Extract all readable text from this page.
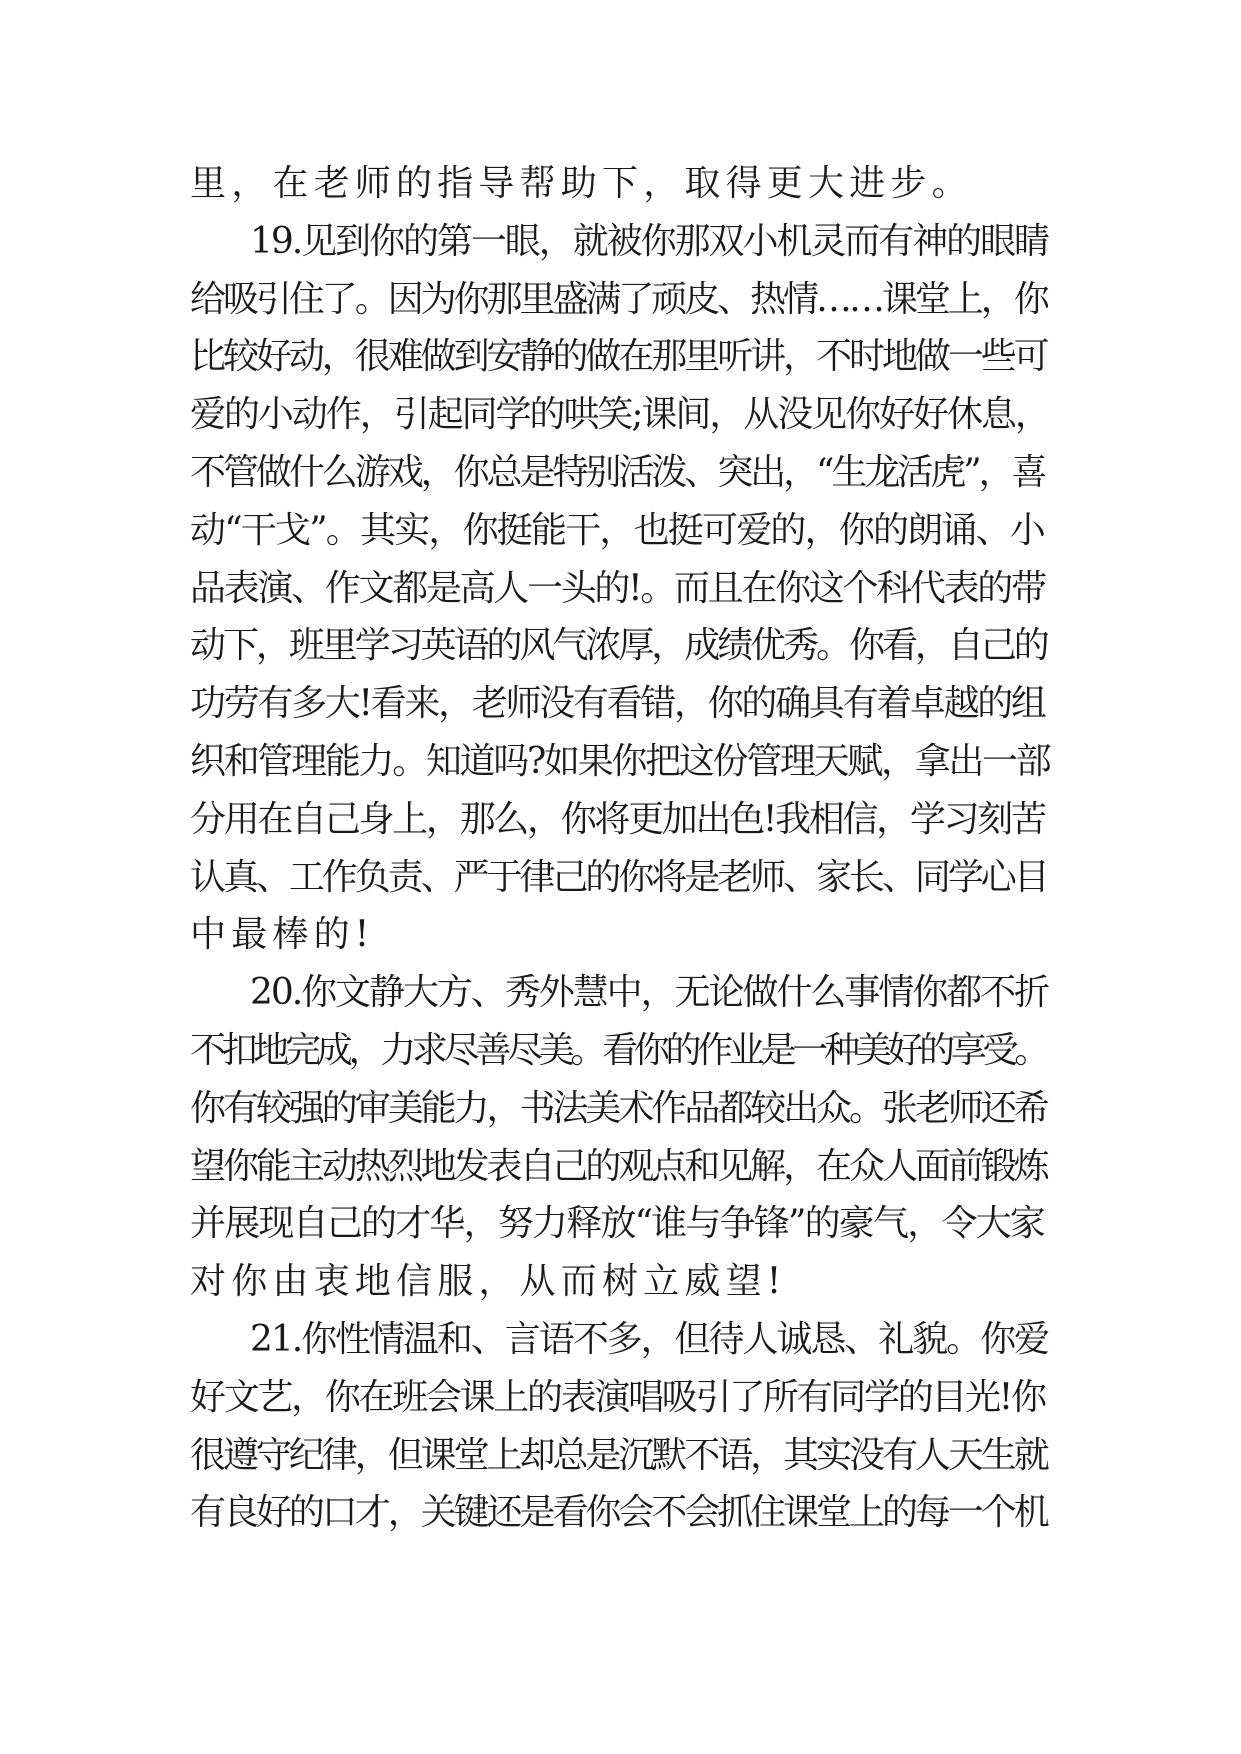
里，在老师的指导帮助下，取得更大进步。
19.见到你的第一眼，就被你那双小机灵而有神的眼睛
给吸引住了。因为你那里盛满了顽皮、热情……课堂上，你
比较好动，很难做到安静的做在那里听讲，不时地做一些可
爱的小动作，引起同学的哄笑;课间，从没见你好好休息，
不管做什么游戏，你总是特别活泼、突出，“生龙活虎”，喜
动“干戈”。其实，你挺能干，也挺可爱的，你的朗诵、小
品表演、作文都是高人一头的!。而且在你这个科代表的带
动下，班里学习英语的风气浓厚，成绩优秀。你看，自己的
功劳有多大!看来，老师没有看错，你的确具有着卓越的组
织和管理能力。知道吗?如果你把这份管理天赋，拿出一部
分用在自己身上，那么，你将更加出色!我相信，学习刻苦
认真、工作负责、严于律己的你将是老师、家长、同学心目
中最棒的!
20.你文静大方、秀外慧中，无论做什么事情你都不折
不扣地完成，力求尽善尽美。看你的作业是一种美好的享受。
你有较强的审美能力，书法美术作品都较出众。张老师还希
望你能主动热烈地发表自己的观点和见解，在众人面前锻炼
并展现自己的才华，努力释放“谁与争锋”的豪气，令大家
对你由衷地信服，从而树立威望!
21.你性情温和、言语不多，但待人诚恳、礼貌。你爱
好文艺，你在班会课上的表演唱吸引了所有同学的目光!你
很遵守纪律，但课堂上却总是沉默不语，其实没有人天生就
有良好的口才，关键还是看你会不会抓住课堂上的每一个机
